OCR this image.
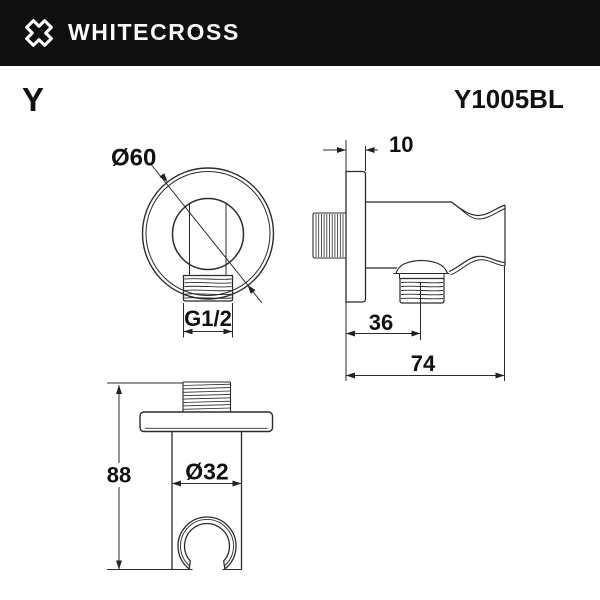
WHITECROSS
Y	Y1005BL
Ø60
G1/2
10
36
74
88 Ø32
